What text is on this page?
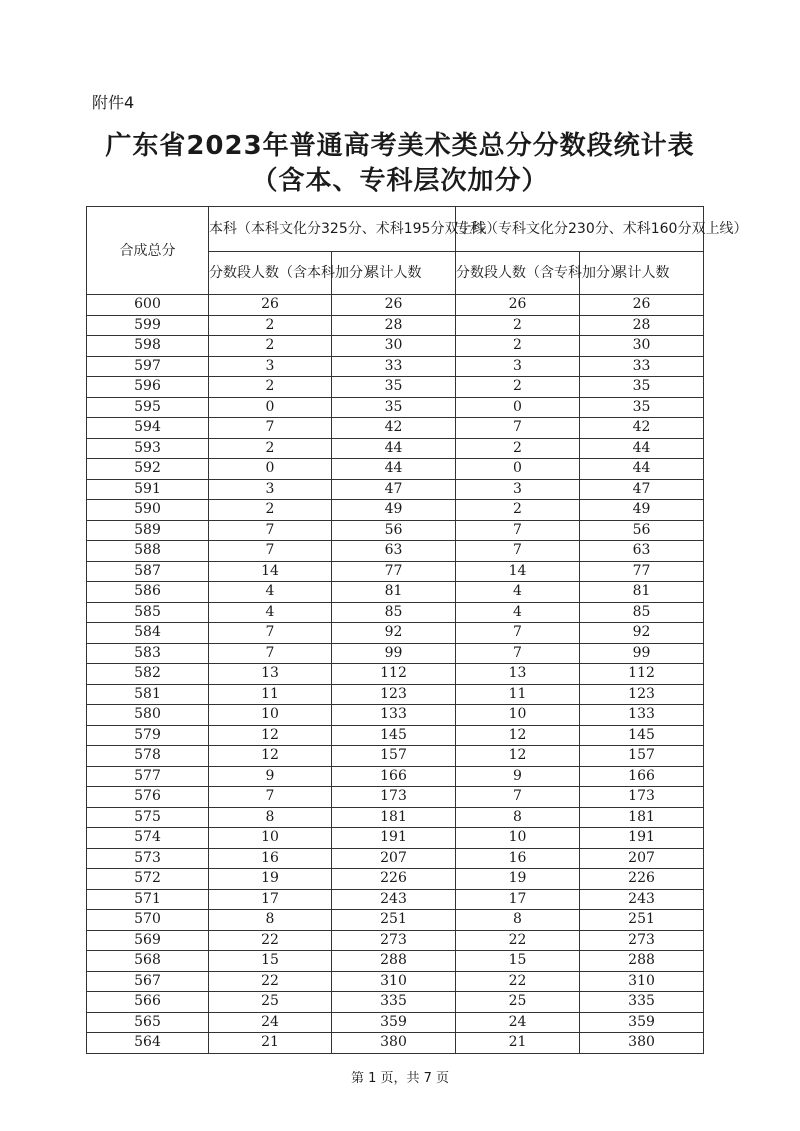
附件4
广东省2023年普通高考美术类总分分数段统计表
（含本、专科层次加分）
合成总分	本科（本科文化分325分、术科195分双上线）		专科（专科文化分230分、术科160分双上线）	
	分数段人数（含本科加分）	累计人数	分数段人数（含专科加分）	累计人数
600	26	26	26	26
599	2	28	2	28
598	2	30	2	30
597	3	33	3	33
596	2	35	2	35
595	0	35	0	35
594	7	42	7	42
593	2	44	2	44
592	0	44	0	44
591	3	47	3	47
590	2	49	2	49
589	7	56	7	56
588	7	63	7	63
587	14	77	14	77
586	4	81	4	81
585	4	85	4	85
584	7	92	7	92
583	7	99	7	99
582	13	112	13	112
581	11	123	11	123
580	10	133	10	133
579	12	145	12	145
578	12	157	12	157
577	9	166	9	166
576	7	173	7	173
575	8	181	8	181
574	10	191	10	191
573	16	207	16	207
572	19	226	19	226
571	17	243	17	243
570	8	251	8	251
569	22	273	22	273
568	15	288	15	288
567	22	310	22	310
566	25	335	25	335
565	24	359	24	359
564	21	380	21	380
第 1 页，共 7 页
